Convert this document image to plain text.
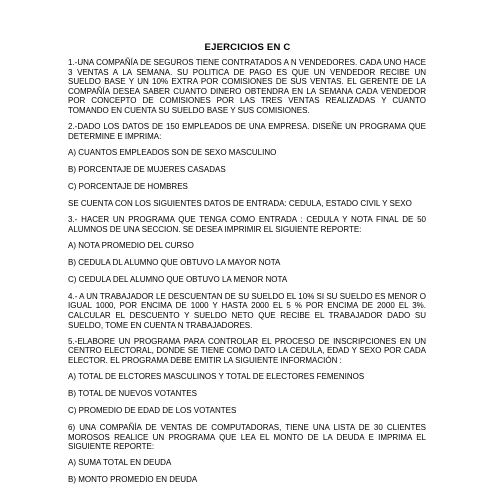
EJERCICIOS EN C

1.-UNA COMPAÑÍA DE SEGUROS TIENE CONTRATADOS A N VENDEDORES. CADA UNO HACE 3 VENTAS A LA SEMANA. SU POLITICA DE PAGO ES QUE UN VENDEDOR RECIBE UN SUELDO BASE Y UN 10% EXTRA POR COMISIONES DE SUS VENTAS. EL GERENTE DE LA COMPAÑÍA DESEA SABER CUANTO DINERO OBTENDRA EN LA SEMANA CADA VENDEDOR POR CONCEPTO DE COMISIONES POR LAS TRES VENTAS REALIZADAS Y CUANTO TOMANDO EN CUENTA SU SUELDO BASE Y SUS COMISIONES.

2.-DADO LOS DATOS DE 150 EMPLEADOS DE UNA EMPRESA. DISEÑE UN PROGRAMA QUE DETERMINE E IMPRIMA:

A) CUANTOS EMPLEADOS SON DE SEXO MASCULINO

B) PORCENTAJE DE MUJERES CASADAS

C) PORCENTAJE DE HOMBRES

SE CUENTA CON LOS SIGUIENTES DATOS DE ENTRADA: CEDULA, ESTADO CIVIL Y SEXO

3.- HACER UN PROGRAMA QUE TENGA COMO ENTRADA : CEDULA Y NOTA FINAL DE 50 ALUMNOS DE UNA SECCION. SE DESEA IMPRIMIR EL SIGUIENTE REPORTE:

A) NOTA PROMEDIO DEL CURSO

B) CEDULA DL ALUMNO QUE OBTUVO LA MAYOR NOTA

C) CEDULA DEL ALUMNO QUE OBTUVO LA MENOR NOTA

4.- A UN TRABAJADOR LE DESCUENTAN DE SU SUELDO EL 10% SI SU SUELDO ES MENOR O IGUAL 1000, POR ENCIMA DE 1000 Y HASTA 2000 EL 5 % POR ENCIMA DE 2000 EL 3%. CALCULAR EL DESCUENTO Y SUELDO NETO QUE RECIBE EL TRABAJADOR DADO SU SUELDO, TOME EN CUENTA N TRABAJADORES.

5.-ELABORE UN PROGRAMA PARA CONTROLAR EL PROCESO DE INSCRIPCIONES EN UN CENTRO ELECTORAL, DONDE SE TIENE COMO DATO LA CEDULA, EDAD Y SEXO POR CADA ELECTOR. EL PROGRAMA DEBE EMITIR LA SIGUIENTE INFORMACIÓN :

A) TOTAL DE ELCTORES MASCULINOS Y TOTAL DE ELECTORES FEMENINOS

B) TOTAL DE NUEVOS VOTANTES

C) PROMEDIO DE EDAD DE LOS VOTANTES

6) UNA COMPAÑÍA DE VENTAS DE COMPUTADORAS, TIENE UNA LISTA DE 30 CLIENTES MOROSOS REALICE UN PROGRAMA QUE LEA EL MONTO DE LA DEUDA E IMPRIMA EL SIGUIENTE REPORTE:

A) SUMA TOTAL EN DEUDA

B) MONTO PROMEDIO EN DEUDA
